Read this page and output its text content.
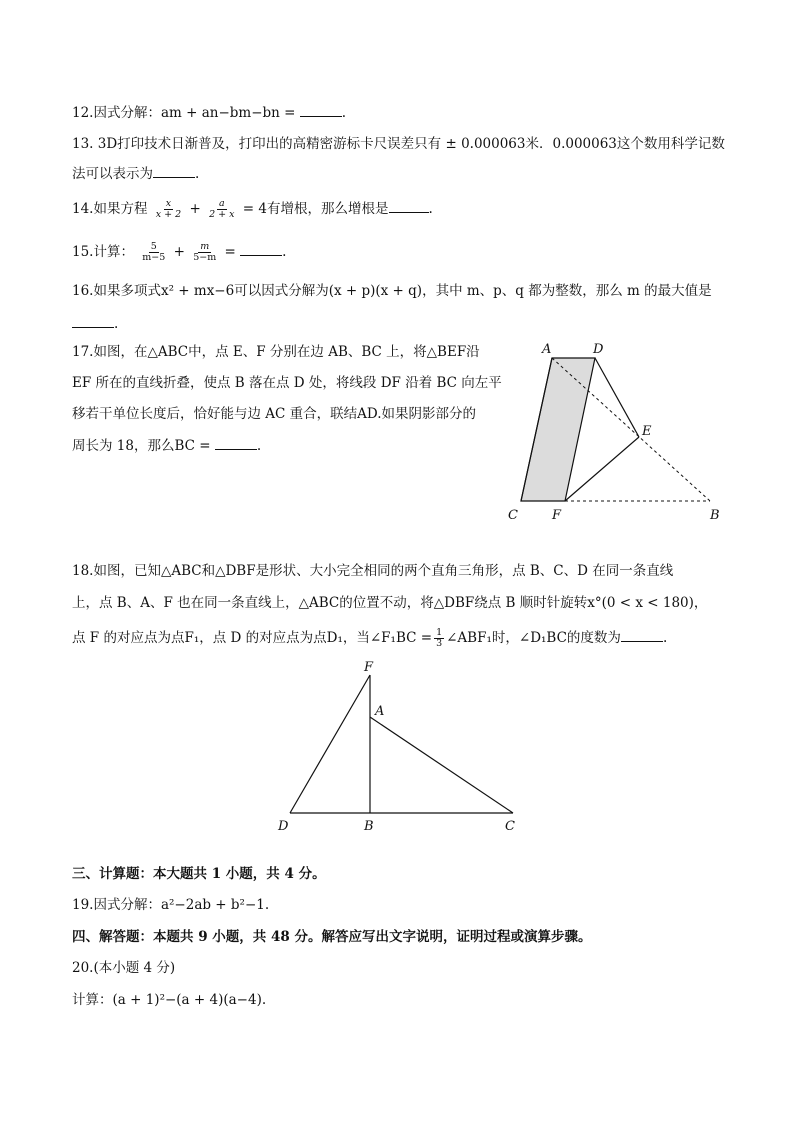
12.因式分解：am + an−bm−bn =	.
13. 3D打印技术日渐普及，打印出的高精密游标卡尺误差只有 ± 0.000063米．0.000063这个数用科学记数
法可以表示为	.
14.如果方程 $\frac{x}{x + 2} + \frac{a}{2 + x} = 4$有增根，那么增根是	.
15.计算： $\frac{5}{m-5} + \frac{m}{5-m}$ =	.
16.如果多项式x² + mx−6可以因式分解为(x + p)(x + q)，其中 m、p、q 都为整数，那么 m 的最大值是
.
17.如图，在△ABC中，点 E、F 分别在边 AB、BC 上，将△BEF沿
EF 所在的直线折叠，使点 B 落在点 D 处，将线段 DF 沿着 BC 向左平
移若干单位长度后，恰好能与边 AC 重合，联结AD.如果阴影部分的
周长为 18，那么BC =	.
A	D
E
C	F	B
18.如图，已知△ABC和△DBF是形状、大小完全相同的两个直角三角形，点 B、C、D 在同一条直线
上，点 B、A、F 也在同一条直线上，△ABC的位置不动，将△DBF绕点 B 顺时针旋转x°(0 < x < 180)，
点 F 的对应点为点F₁，点 D 的对应点为点D₁，当∠F₁BC = $\frac{1}{3}$ ∠ABF₁时，∠D₁BC的度数为	.
F
A
D	B	C
三、计算题：本大题共 1 小题，共 4 分。
19.因式分解：a²−2ab + b²−1.
四、解答题：本题共 9 小题，共 48 分。解答应写出文字说明，证明过程或演算步骤。
20.(本小题 4 分)
计算：(a + 1)²−(a + 4)(a−4).
